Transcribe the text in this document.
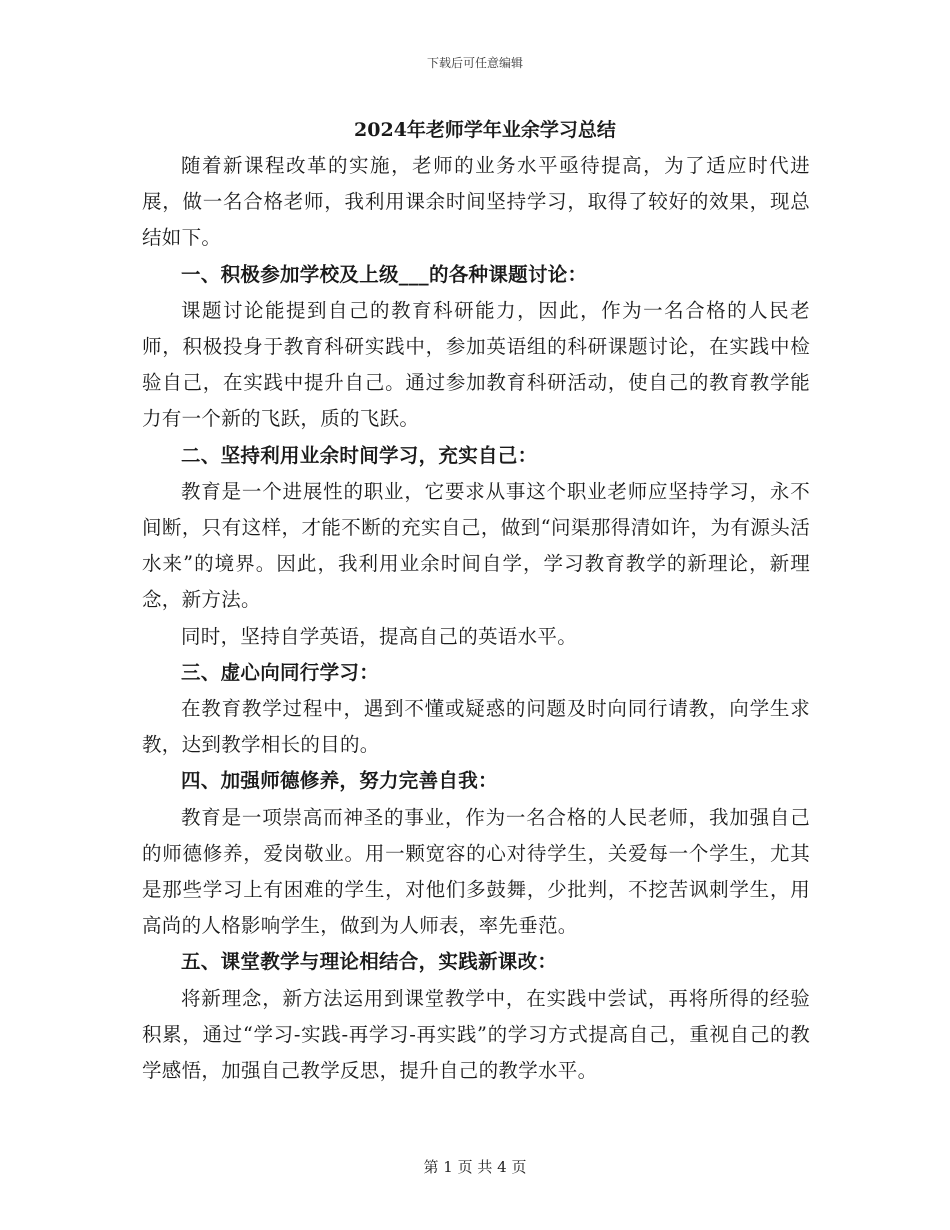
下载后可任意编辑
2024年老师学年业余学习总结

随着新课程改革的实施，老师的业务水平亟待提高，为了适应时代进展，做一名合格老师，我利用课余时间坚持学习，取得了较好的效果，现总结如下。

一、积极参加学校及上级___的各种课题讨论：

课题讨论能提到自己的教育科研能力，因此，作为一名合格的人民老师，积极投身于教育科研实践中，参加英语组的科研课题讨论，在实践中检验自己，在实践中提升自己。通过参加教育科研活动，使自己的教育教学能力有一个新的飞跃，质的飞跃。

二、坚持利用业余时间学习，充实自己：

教育是一个进展性的职业，它要求从事这个职业老师应坚持学习，永不间断，只有这样，才能不断的充实自己，做到“问渠那得清如许，为有源头活水来”的境界。因此，我利用业余时间自学，学习教育教学的新理论，新理念，新方法。

同时，坚持自学英语，提高自己的英语水平。

三、虚心向同行学习：

在教育教学过程中，遇到不懂或疑惑的问题及时向同行请教，向学生求教，达到教学相长的目的。

四、加强师德修养，努力完善自我：

教育是一项崇高而神圣的事业，作为一名合格的人民老师，我加强自己的师德修养，爱岗敬业。用一颗宽容的心对待学生，关爱每一个学生，尤其是那些学习上有困难的学生，对他们多鼓舞，少批判，不挖苦讽刺学生，用高尚的人格影响学生，做到为人师表，率先垂范。

五、课堂教学与理论相结合，实践新课改：

将新理念，新方法运用到课堂教学中，在实践中尝试，再将所得的经验积累，通过“学习-实践-再学习-再实践”的学习方式提高自己，重视自己的教学感悟，加强自己教学反思，提升自己的教学水平。

第 1 页 共 4 页
